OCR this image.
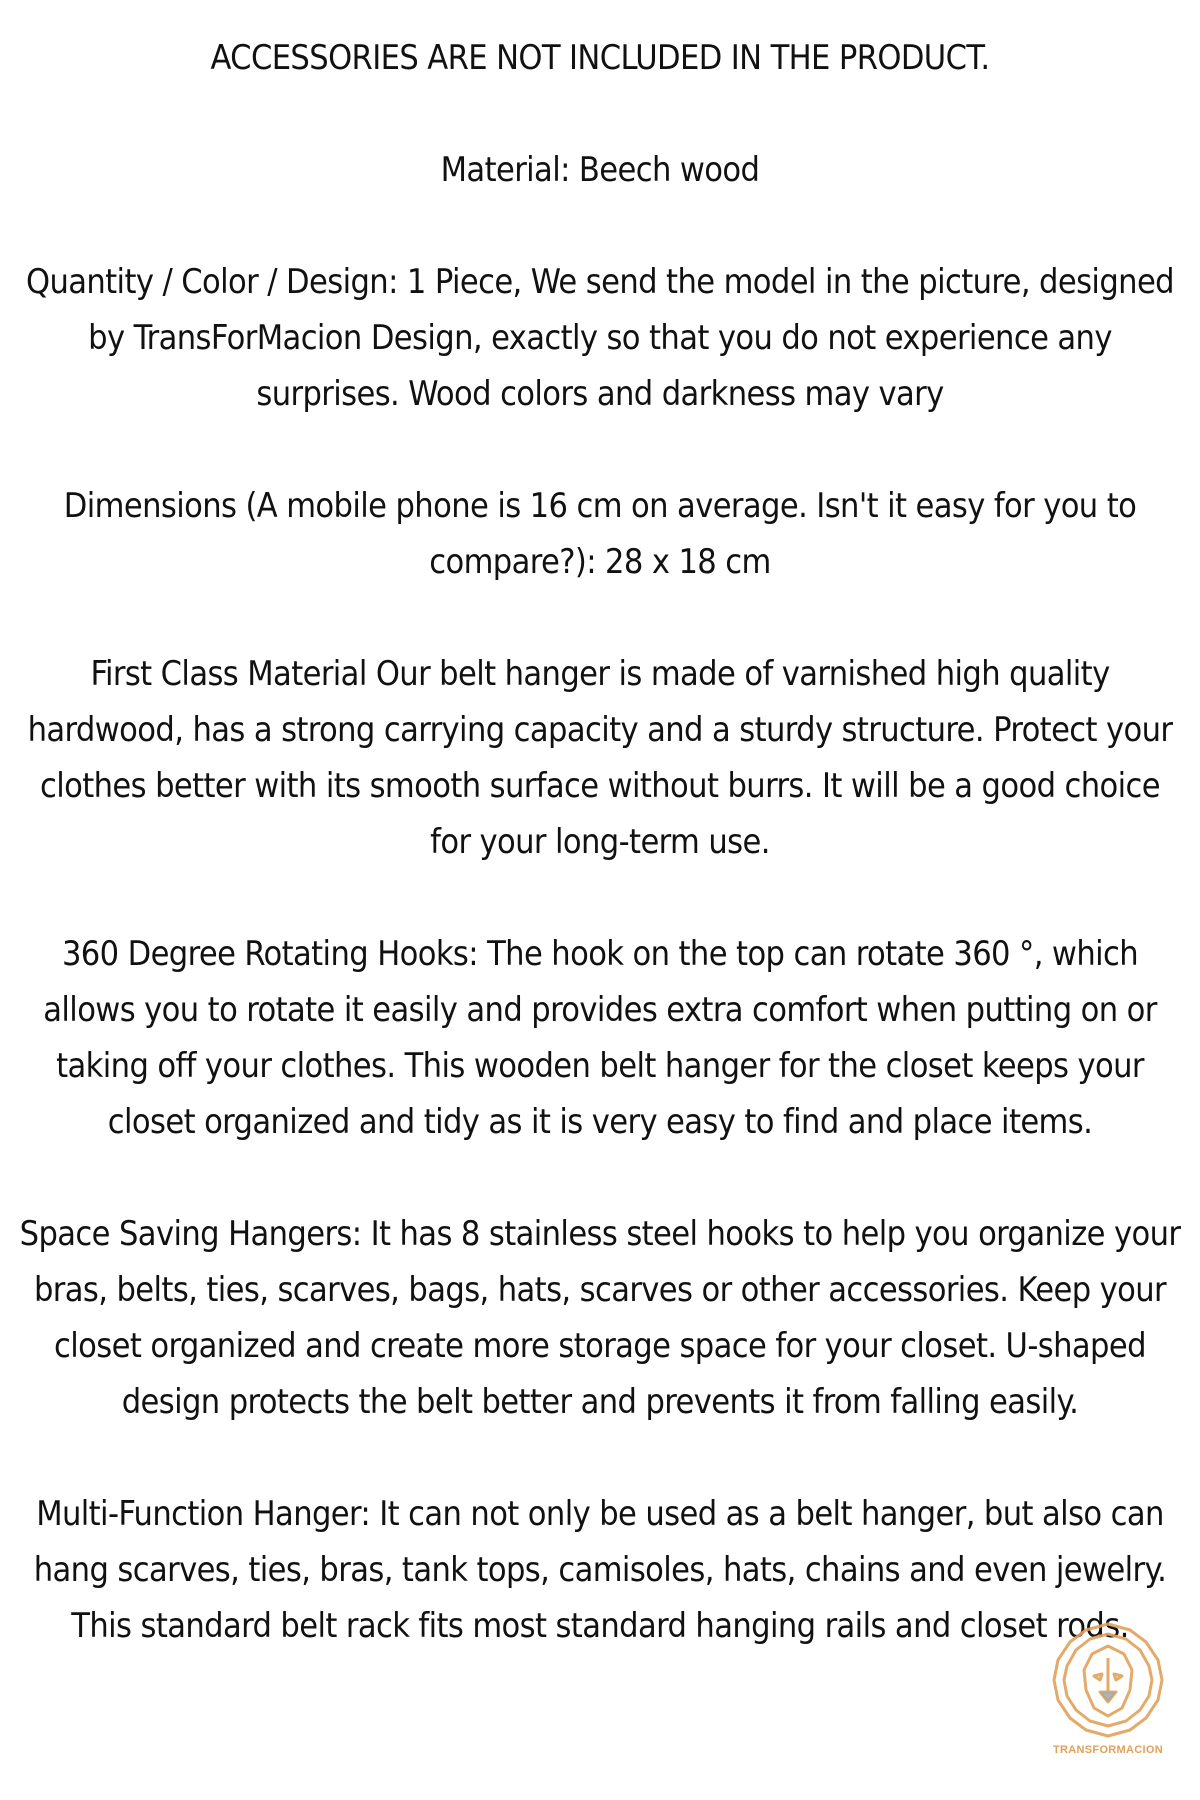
ACCESSORIES ARE NOT INCLUDED IN THE PRODUCT.

Material: Beech wood

Quantity / Color / Design: 1 Piece, We send the model in the picture, designed by TransForMacion Design, exactly so that you do not experience any surprises. Wood colors and darkness may vary

Dimensions (A mobile phone is 16 cm on average. Isn't it easy for you to compare?): 28 x 18 cm

First Class Material Our belt hanger is made of varnished high quality hardwood, has a strong carrying capacity and a sturdy structure. Protect your clothes better with its smooth surface without burrs. It will be a good choice for your long-term use.

360 Degree Rotating Hooks: The hook on the top can rotate 360 °, which allows you to rotate it easily and provides extra comfort when putting on or taking off your clothes. This wooden belt hanger for the closet keeps your closet organized and tidy as it is very easy to find and place items.

Space Saving Hangers: It has 8 stainless steel hooks to help you organize your bras, belts, ties, scarves, bags, hats, scarves or other accessories. Keep your closet organized and create more storage space for your closet. U-shaped design protects the belt better and prevents it from falling easily.

Multi-Function Hanger: It can not only be used as a belt hanger, but also can hang scarves, ties, bras, tank tops, camisoles, hats, chains and even jewelry. This standard belt rack fits most standard hanging rails and closet rods.

TRANSFORMACION
